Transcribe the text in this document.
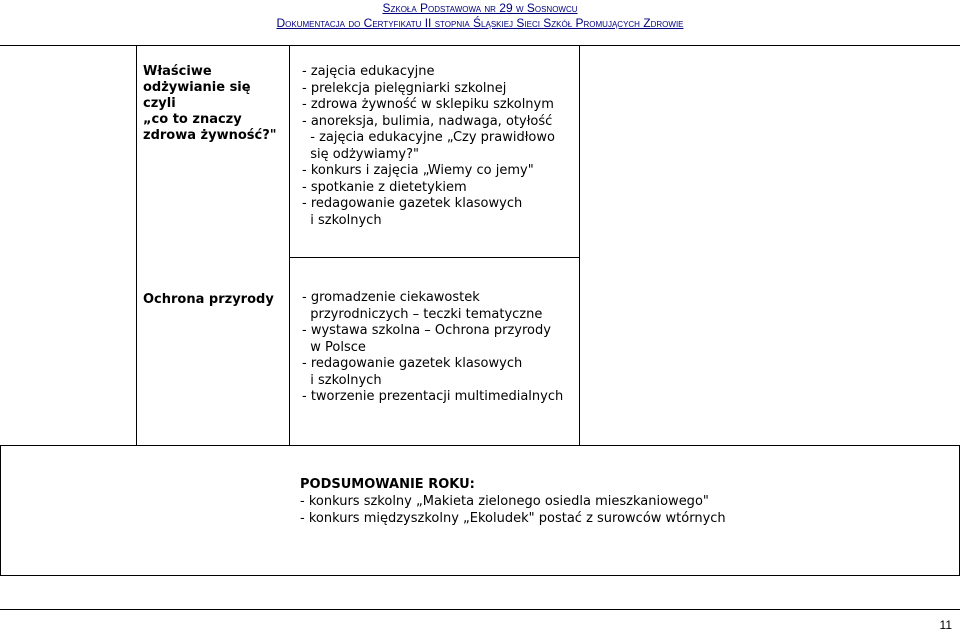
Szkoła Podstawowa nr 29 w Sosnowcu
Dokumentacja do Certyfikatu II stopnia Śląskiej Sieci Szkół Promujących Zdrowie
Właściwe
odżywianie się
czyli
„co to znaczy
zdrowa żywność?"
- zajęcia edukacyjne
- prelekcja pielęgniarki szkolnej
- zdrowa żywność w sklepiku szkolnym
- anoreksja, bulimia, nadwaga, otyłość
- zajęcia edukacyjne „Czy prawidłowo
się odżywiamy?"
- konkurs i zajęcia „Wiemy co jemy"
- spotkanie z dietetykiem
- redagowanie gazetek klasowych
i szkolnych
Ochrona przyrody - gromadzenie ciekawostek
przyrodniczych – teczki tematyczne
- wystawa szkolna – Ochrona przyrody
w Polsce
- redagowanie gazetek klasowych
i szkolnych
- tworzenie prezentacji multimedialnych
PODSUMOWANIE ROKU:
- konkurs szkolny „Makieta zielonego osiedla mieszkaniowego"
- konkurs międzyszkolny „Ekoludek" postać z surowców wtórnych
11
